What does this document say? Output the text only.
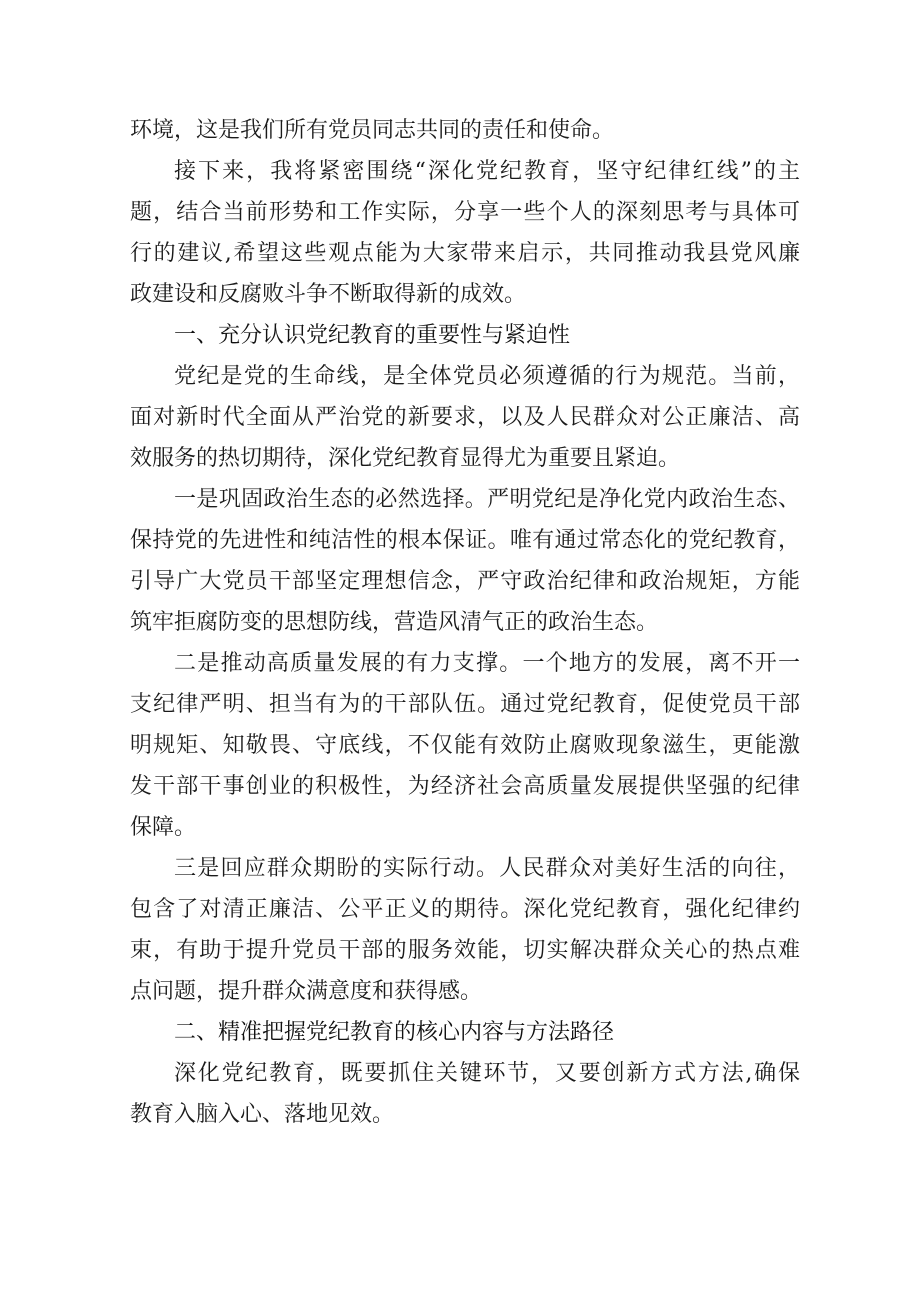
环境，这是我们所有党员同志共同的责任和使命。

接下来，我将紧密围绕“深化党纪教育，坚守纪律红线”的主
题，结合当前形势和工作实际，分享一些个人的深刻思考与具体可
行的建议,希望这些观点能为大家带来启示，共同推动我县党风廉
政建设和反腐败斗争不断取得新的成效。

一、充分认识党纪教育的重要性与紧迫性

党纪是党的生命线，是全体党员必须遵循的行为规范。当前，
面对新时代全面从严治党的新要求，以及人民群众对公正廉洁、高
效服务的热切期待，深化党纪教育显得尤为重要且紧迫。

一是巩固政治生态的必然选择。严明党纪是净化党内政治生态、
保持党的先进性和纯洁性的根本保证。唯有通过常态化的党纪教育，
引导广大党员干部坚定理想信念，严守政治纪律和政治规矩，方能
筑牢拒腐防变的思想防线，营造风清气正的政治生态。

二是推动高质量发展的有力支撑。一个地方的发展，离不开一
支纪律严明、担当有为的干部队伍。通过党纪教育，促使党员干部
明规矩、知敬畏、守底线，不仅能有效防止腐败现象滋生，更能激
发干部干事创业的积极性，为经济社会高质量发展提供坚强的纪律
保障。

三是回应群众期盼的实际行动。人民群众对美好生活的向往，
包含了对清正廉洁、公平正义的期待。深化党纪教育，强化纪律约
束，有助于提升党员干部的服务效能，切实解决群众关心的热点难
点问题，提升群众满意度和获得感。

二、精准把握党纪教育的核心内容与方法路径

深化党纪教育，既要抓住关键环节，又要创新方式方法,确保
教育入脑入心、落地见效。
